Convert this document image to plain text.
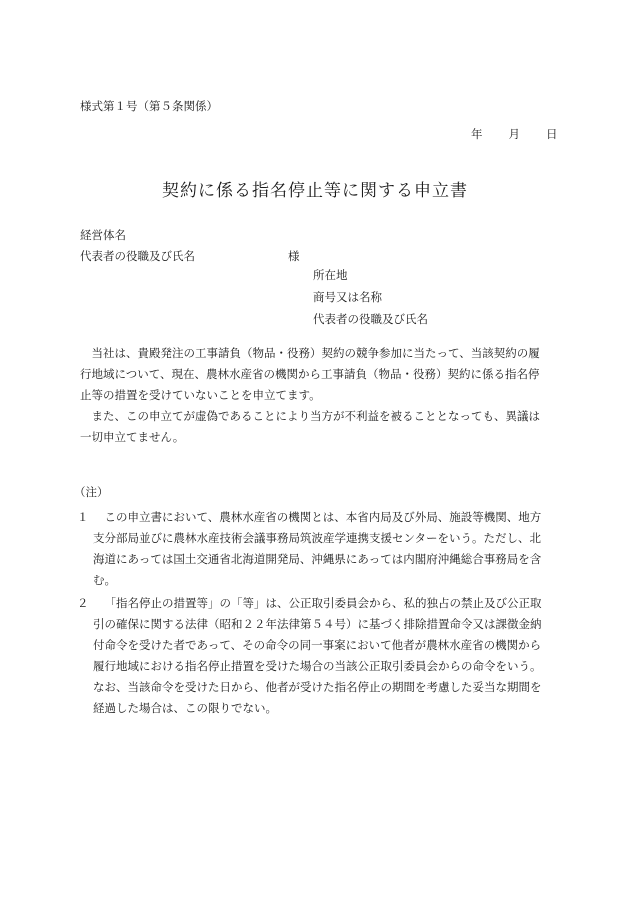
様式第１号（第５条関係）
年 月 日
契約に係る指名停止等に関する申立書
経営体名
代表者の役職及び氏名	様
所在地
商号又は名称
代表者の役職及び氏名
　当社は、貴殿発注の工事請負（物品・役務）契約の競争参加に当たって、当該契約の履
行地域について、現在、農林水産省の機関から工事請負（物品・役務）契約に係る指名停
止等の措置を受けていないことを申立てます。
　また、この申立てが虚偽であることにより当方が不利益を被ることとなっても、異議は
一切申立てません。
（注）
１ この申立書において、農林水産省の機関とは、本省内局及び外局、施設等機関、地方
支分部局並びに農林水産技術会議事務局筑波産学連携支援センターをいう。ただし、北
海道にあっては国土交通省北海道開発局、沖縄県にあっては内閣府沖縄総合事務局を含
む。
２ 「指名停止の措置等」の「等」は、公正取引委員会から、私的独占の禁止及び公正取
引の確保に関する法律（昭和２２年法律第５４号）に基づく排除措置命令又は課徴金納
付命令を受けた者であって、その命令の同一事案において他者が農林水産省の機関から
履行地域における指名停止措置を受けた場合の当該公正取引委員会からの命令をいう。
なお、当該命令を受けた日から、他者が受けた指名停止の期間を考慮した妥当な期間を
経過した場合は、この限りでない。
